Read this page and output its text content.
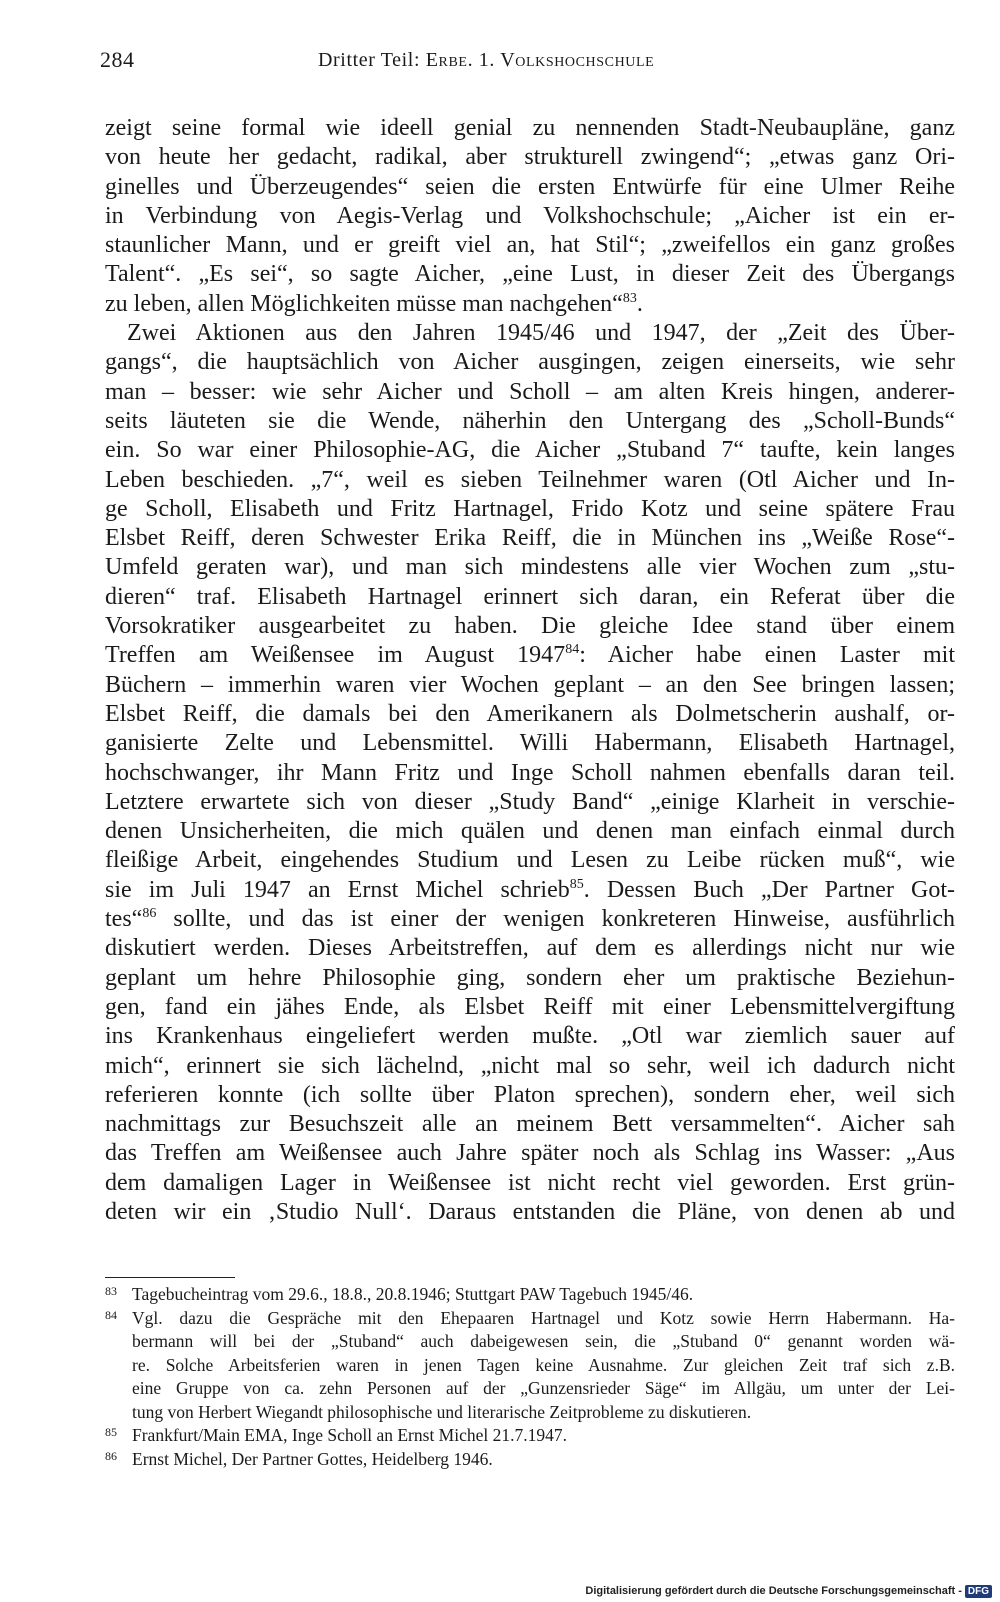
284	Dritter Teil: Erbe. 1. Volkshochschule
zeigt seine formal wie ideell genial zu nennenden Stadt-Neubaupläne, ganz
von heute her gedacht, radikal, aber strukturell zwingend“; „etwas ganz Ori-
ginelles und Überzeugendes“ seien die ersten Entwürfe für eine Ulmer Reihe
in Verbindung von Aegis-Verlag und Volkshochschule; „Aicher ist ein er-
staunlicher Mann, und er greift viel an, hat Stil“; „zweifellos ein ganz großes
Talent“. „Es sei“, so sagte Aicher, „eine Lust, in dieser Zeit des Übergangs
zu leben, allen Möglichkeiten müsse man nachgehen“$^{83}$.
Zwei Aktionen aus den Jahren 1945/46 und 1947, der „Zeit des Über-
gangs“, die hauptsächlich von Aicher ausgingen, zeigen einerseits, wie sehr
man – besser: wie sehr Aicher und Scholl – am alten Kreis hingen, anderer-
seits läuteten sie die Wende, näherhin den Untergang des „Scholl-Bunds“
ein. So war einer Philosophie-AG, die Aicher „Stuband 7“ taufte, kein langes
Leben beschieden. „7“, weil es sieben Teilnehmer waren (Otl Aicher und In-
ge Scholl, Elisabeth und Fritz Hartnagel, Frido Kotz und seine spätere Frau
Elsbet Reiff, deren Schwester Erika Reiff, die in München ins „Weiße Rose“-
Umfeld geraten war), und man sich mindestens alle vier Wochen zum „stu-
dieren“ traf. Elisabeth Hartnagel erinnert sich daran, ein Referat über die
Vorsokratiker ausgearbeitet zu haben. Die gleiche Idee stand über einem
Treffen am Weißensee im August 1947$^{84}$: Aicher habe einen Laster mit
Büchern – immerhin waren vier Wochen geplant – an den See bringen lassen;
Elsbet Reiff, die damals bei den Amerikanern als Dolmetscherin aushalf, or-
ganisierte Zelte und Lebensmittel. Willi Habermann, Elisabeth Hartnagel,
hochschwanger, ihr Mann Fritz und Inge Scholl nahmen ebenfalls daran teil.
Letztere erwartete sich von dieser „Study Band“ „einige Klarheit in verschie-
denen Unsicherheiten, die mich quälen und denen man einfach einmal durch
fleißige Arbeit, eingehendes Studium und Lesen zu Leibe rücken muß“, wie
sie im Juli 1947 an Ernst Michel schrieb$^{85}$. Dessen Buch „Der Partner Got-
tes“$^{86}$ sollte, und das ist einer der wenigen konkreteren Hinweise, ausführlich
diskutiert werden. Dieses Arbeitstreffen, auf dem es allerdings nicht nur wie
geplant um hehre Philosophie ging, sondern eher um praktische Beziehun-
gen, fand ein jähes Ende, als Elsbet Reiff mit einer Lebensmittelvergiftung
ins Krankenhaus eingeliefert werden mußte. „Otl war ziemlich sauer auf
mich“, erinnert sie sich lächelnd, „nicht mal so sehr, weil ich dadurch nicht
referieren konnte (ich sollte über Platon sprechen), sondern eher, weil sich
nachmittags zur Besuchszeit alle an meinem Bett versammelten“. Aicher sah
das Treffen am Weißensee auch Jahre später noch als Schlag ins Wasser: „Aus
dem damaligen Lager in Weißensee ist nicht recht viel geworden. Erst grün-
deten wir ein ‚Studio Null‘. Daraus entstanden die Pläne, von denen ab und
83 Tagebucheintrag vom 29.6., 18.8., 20.8.1946; Stuttgart PAW Tagebuch 1945/46.
84 Vgl. dazu die Gespräche mit den Ehepaaren Hartnagel und Kotz sowie Herrn Habermann. Ha-
bermann will bei der „Stuband“ auch dabeigewesen sein, die „Stuband 0“ genannt worden wä-
re. Solche Arbeitsferien waren in jenen Tagen keine Ausnahme. Zur gleichen Zeit traf sich z.B.
eine Gruppe von ca. zehn Personen auf der „Gunzensrieder Säge“ im Allgäu, um unter der Lei-
tung von Herbert Wiegandt philosophische und literarische Zeitprobleme zu diskutieren.
85 Frankfurt/Main EMA, Inge Scholl an Ernst Michel 21.7.1947.
86 Ernst Michel, Der Partner Gottes, Heidelberg 1946.
Digitalisierung gefördert durch die Deutsche Forschungsgemeinschaft - DFG
